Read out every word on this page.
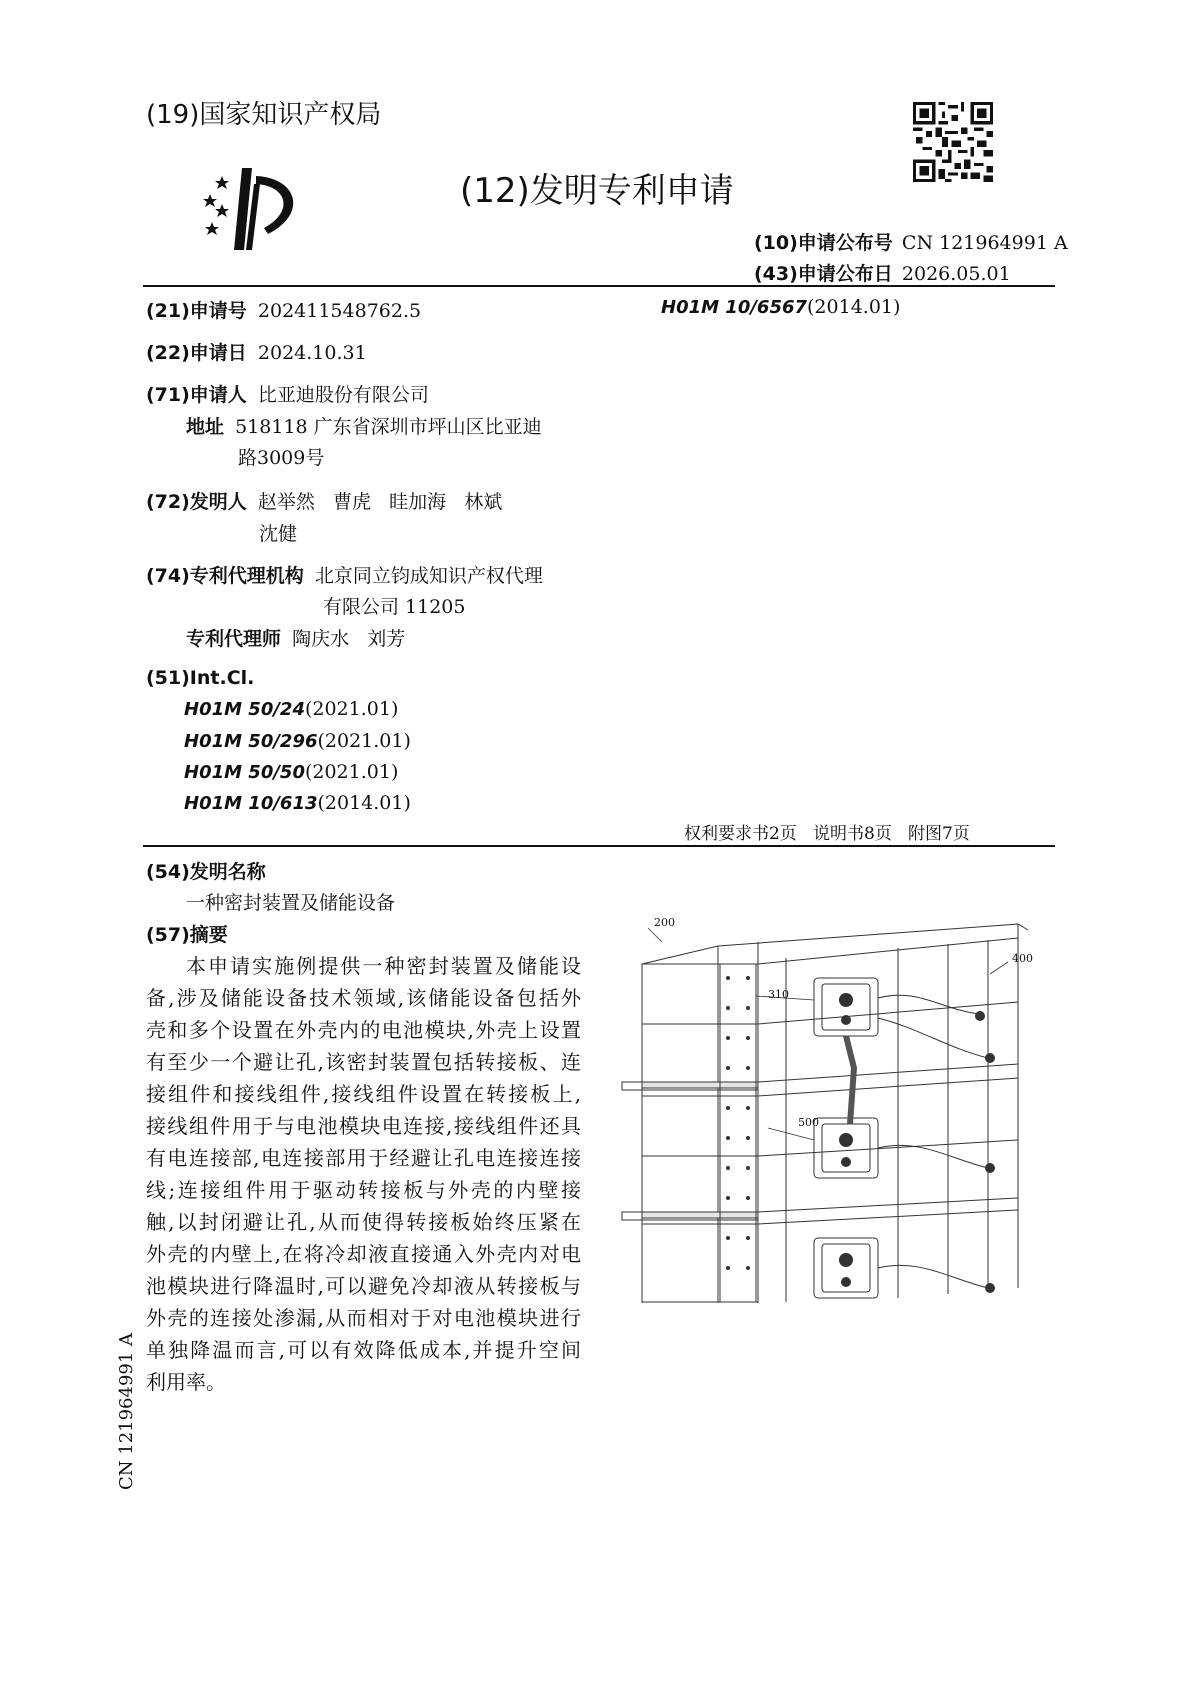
(19)国家知识产权局
(12)发明专利申请
(10)申请公布号 CN 121964991 A
(43)申请公布日 2026.05.01
(21)申请号 202411548762.5	H01M 10/6567(2014.01)
(22)申请日 2024.10.31
(71)申请人 比亚迪股份有限公司
地址 518118 广东省深圳市坪山区比亚迪
路3009号
(72)发明人 赵举然   曹虎   眭加海   林斌
沈健
(74)专利代理机构 北京同立钧成知识产权代理
有限公司 11205
专利代理师 陶庆水   刘芳
(51)Int.Cl.
H01M 50/24(2021.01)
H01M 50/296(2021.01)
H01M 50/50(2021.01)
H01M 10/613(2014.01)
权利要求书2页   说明书8页   附图7页
(54)发明名称
一种密封装置及储能设备
(57)摘要
本申请实施例提供一种密封装置及储能设
备,涉及储能设备技术领域,该储能设备包括外
壳和多个设置在外壳内的电池模块,外壳上设置
有至少一个避让孔,该密封装置包括转接板、连
接组件和接线组件,接线组件设置在转接板上,
接线组件用于与电池模块电连接,接线组件还具
有电连接部,电连接部用于经避让孔电连接连接
线;连接组件用于驱动转接板与外壳的内壁接
触,以封闭避让孔,从而使得转接板始终压紧在
外壳的内壁上,在将冷却液直接通入外壳内对电
池模块进行降温时,可以避免冷却液从转接板与
外壳的连接处渗漏,从而相对于对电池模块进行
单独降温而言,可以有效降低成本,并提升空间
利用率。
CN 121964991 A
200
310
400
500
